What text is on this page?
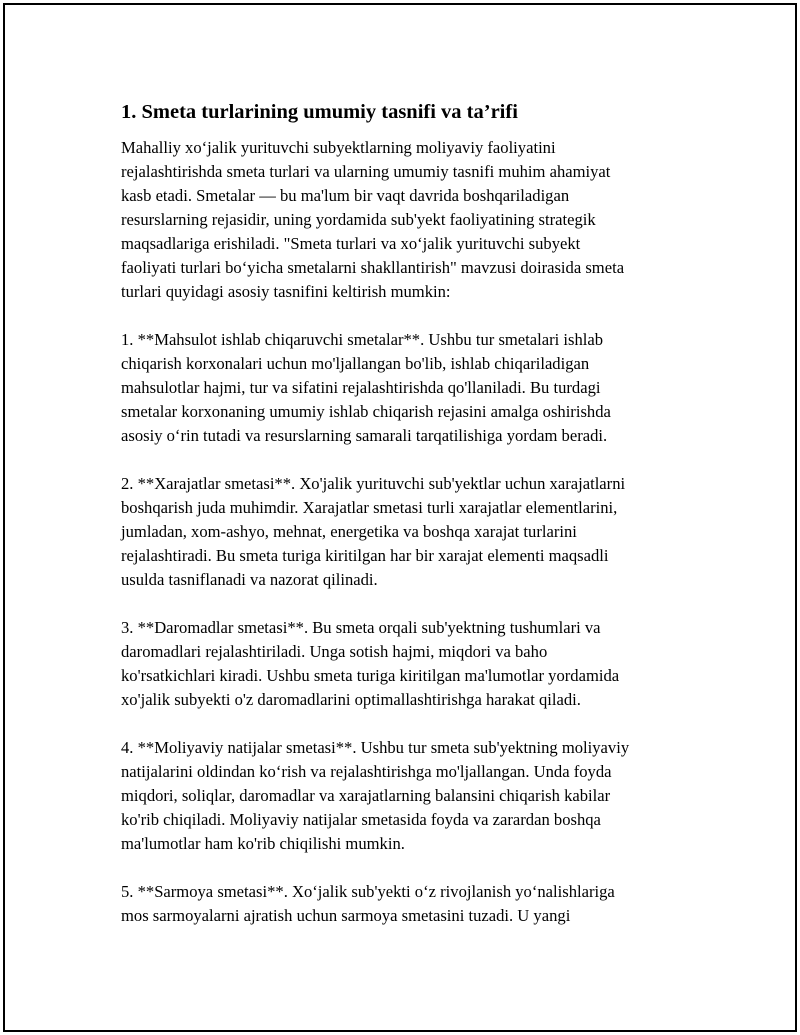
1. Smeta turlarining umumiy tasnifi va ta’rifi

Mahalliy xo‘jalik yurituvchi subyektlarning moliyaviy faoliyatini
rejalashtirishda smeta turlari va ularning umumiy tasnifi muhim ahamiyat
kasb etadi. Smetalar — bu ma'lum bir vaqt davrida boshqariladigan
resurslarning rejasidir, uning yordamida sub'yekt faoliyatining strategik
maqsadlariga erishiladi. "Smeta turlari va xo‘jalik yurituvchi subyekt
faoliyati turlari bo‘yicha smetalarni shakllantirish" mavzusi doirasida smeta
turlari quyidagi asosiy tasnifini keltirish mumkin:

1. **Mahsulot ishlab chiqaruvchi smetalar**. Ushbu tur smetalari ishlab
chiqarish korxonalari uchun mo'ljallangan bo'lib, ishlab chiqariladigan
mahsulotlar hajmi, tur va sifatini rejalashtirishda qo'llaniladi. Bu turdagi
smetalar korxonaning umumiy ishlab chiqarish rejasini amalga oshirishda
asosiy o‘rin tutadi va resurslarning samarali tarqatilishiga yordam beradi.

2. **Xarajatlar smetasi**. Xo'jalik yurituvchi sub'yektlar uchun xarajatlarni
boshqarish juda muhimdir. Xarajatlar smetasi turli xarajatlar elementlarini,
jumladan, xom-ashyo, mehnat, energetika va boshqa xarajat turlarini
rejalashtiradi. Bu smeta turiga kiritilgan har bir xarajat elementi maqsadli
usulda tasniflanadi va nazorat qilinadi.

3. **Daromadlar smetasi**. Bu smeta orqali sub'yektning tushumlari va
daromadlari rejalashtiriladi. Unga sotish hajmi, miqdori va baho
ko'rsatkichlari kiradi. Ushbu smeta turiga kiritilgan ma'lumotlar yordamida
xo'jalik subyekti o'z daromadlarini optimallashtirishga harakat qiladi.

4. **Moliyaviy natijalar smetasi**. Ushbu tur smeta sub'yektning moliyaviy
natijalarini oldindan ko‘rish va rejalashtirishga mo'ljallangan. Unda foyda
miqdori, soliqlar, daromadlar va xarajatlarning balansini chiqarish kabilar
ko'rib chiqiladi. Moliyaviy natijalar smetasida foyda va zarardan boshqa
ma'lumotlar ham ko'rib chiqilishi mumkin.

5. **Sarmoya smetasi**. Xo‘jalik sub'yekti o‘z rivojlanish yo‘nalishlariga
mos sarmoyalarni ajratish uchun sarmoya smetasini tuzadi. U yangi
